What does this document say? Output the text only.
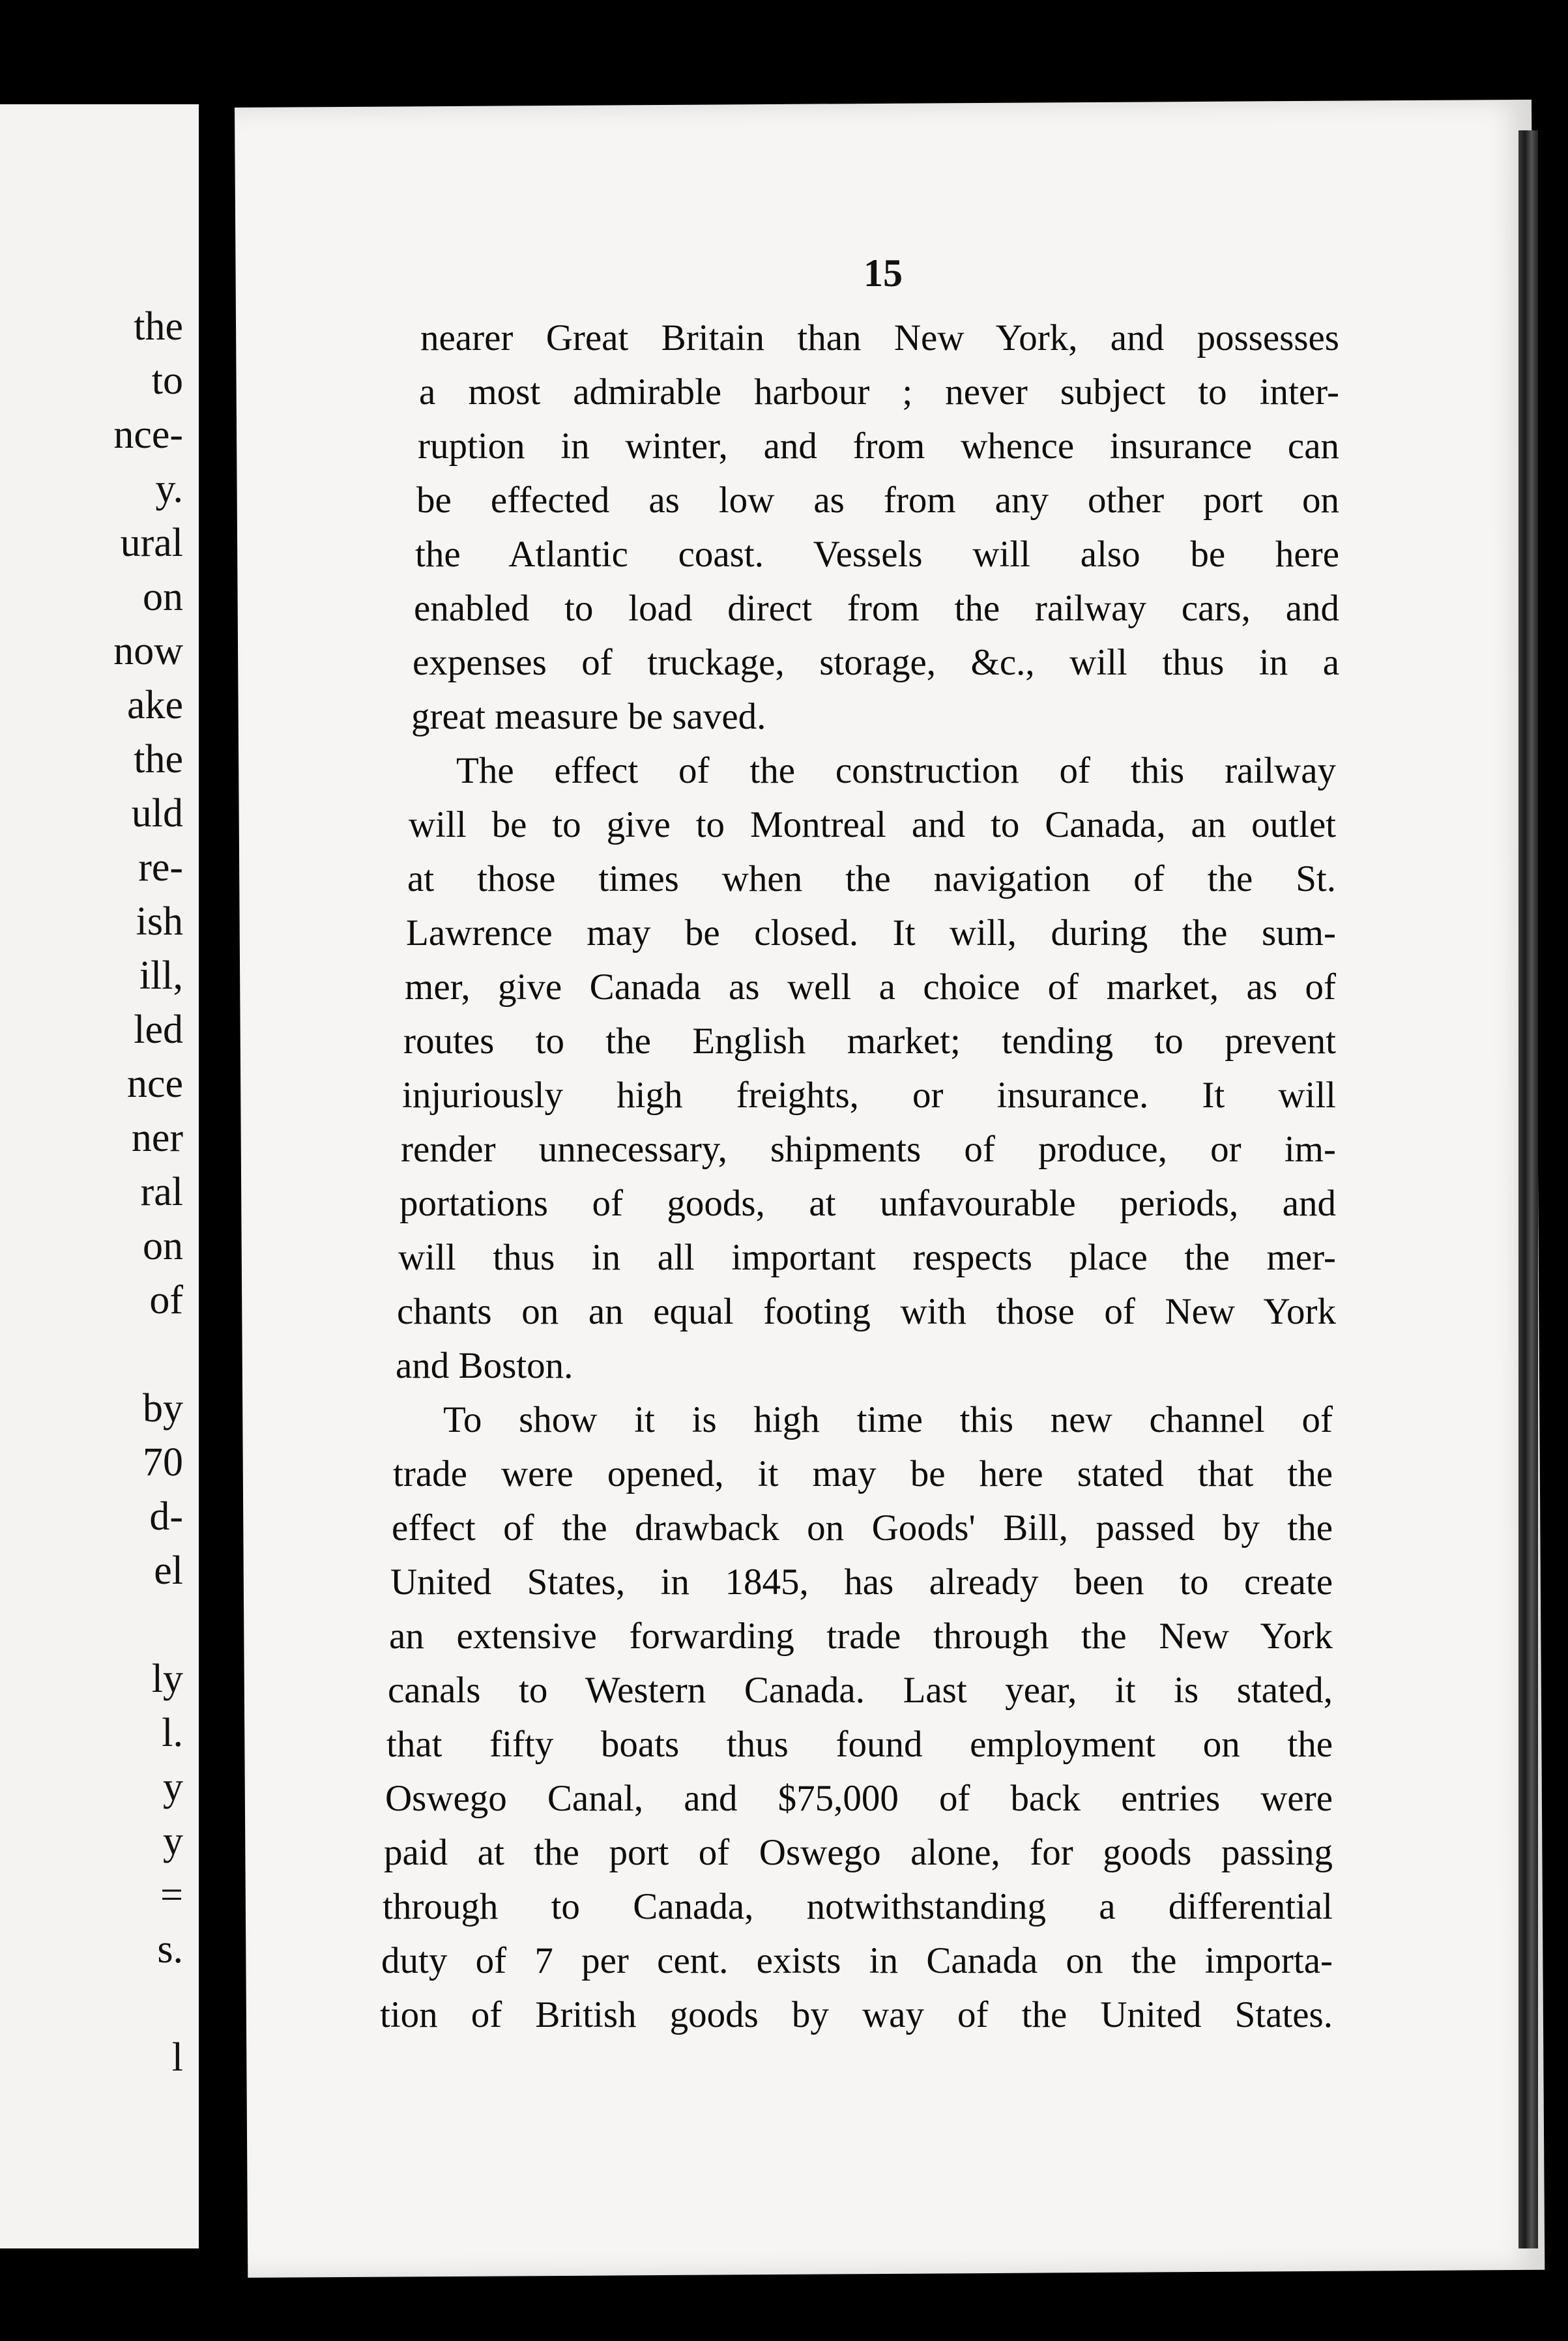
the
to
nce-
y.
ural
on
now
ake
the
uld
re-
ish
ill,
led
nce
ner
ral
on
of
by
70
d-
el
ly
l.
y
y
=
s.
l
15
nearer Great Britain than New York, and possesses
a most admirable harbour ; never subject to inter-
ruption in winter, and from whence insurance can
be effected as low as from any other port on
the Atlantic coast. Vessels will also be here
enabled to load direct from the railway cars, and
expenses of truckage, storage, &c., will thus in a
great measure be saved.
The effect of the construction of this railway
will be to give to Montreal and to Canada, an outlet
at those times when the navigation of the St.
Lawrence may be closed. It will, during the sum-
mer, give Canada as well a choice of market, as of
routes to the English market; tending to prevent
injuriously high freights, or insurance. It will
render unnecessary, shipments of produce, or im-
portations of goods, at unfavourable periods, and
will thus in all important respects place the mer-
chants on an equal footing with those of New York
and Boston.
To show it is high time this new channel of
trade were opened, it may be here stated that the
effect of the drawback on Goods' Bill, passed by the
United States, in 1845, has already been to create
an extensive forwarding trade through the New York
canals to Western Canada. Last year, it is stated,
that fifty boats thus found employment on the
Oswego Canal, and $75,000 of back entries were
paid at the port of Oswego alone, for goods passing
through to Canada, notwithstanding a differential
duty of 7 per cent. exists in Canada on the importa-
tion of British goods by way of the United States.
